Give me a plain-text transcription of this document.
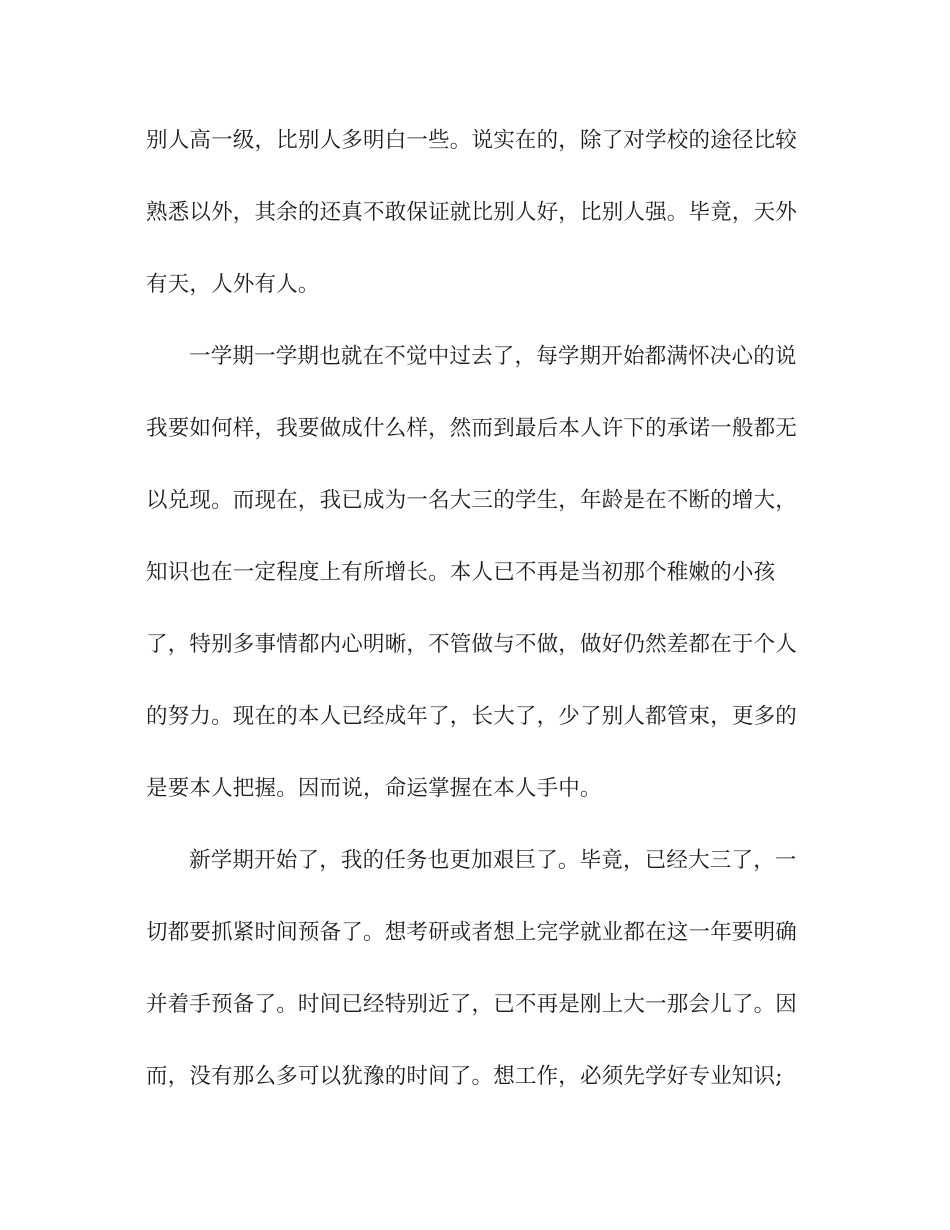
别人高一级，比别人多明白一些。说实在的，除了对学校的途径比较
熟悉以外，其余的还真不敢保证就比别人好，比别人强。毕竟，天外
有天，人外有人。
一学期一学期也就在不觉中过去了，每学期开始都满怀决心的说
我要如何样，我要做成什么样，然而到最后本人许下的承诺一般都无
以兑现。而现在，我已成为一名大三的学生，年龄是在不断的增大，
知识也在一定程度上有所增长。本人已不再是当初那个稚嫩的小孩
了，特别多事情都内心明晰，不管做与不做，做好仍然差都在于个人
的努力。现在的本人已经成年了，长大了，少了别人都管束，更多的
是要本人把握。因而说，命运掌握在本人手中。
新学期开始了，我的任务也更加艰巨了。毕竟，已经大三了，一
切都要抓紧时间预备了。想考研或者想上完学就业都在这一年要明确
并着手预备了。时间已经特别近了，已不再是刚上大一那会儿了。因
而，没有那么多可以犹豫的时间了。想工作，必须先学好专业知识;
